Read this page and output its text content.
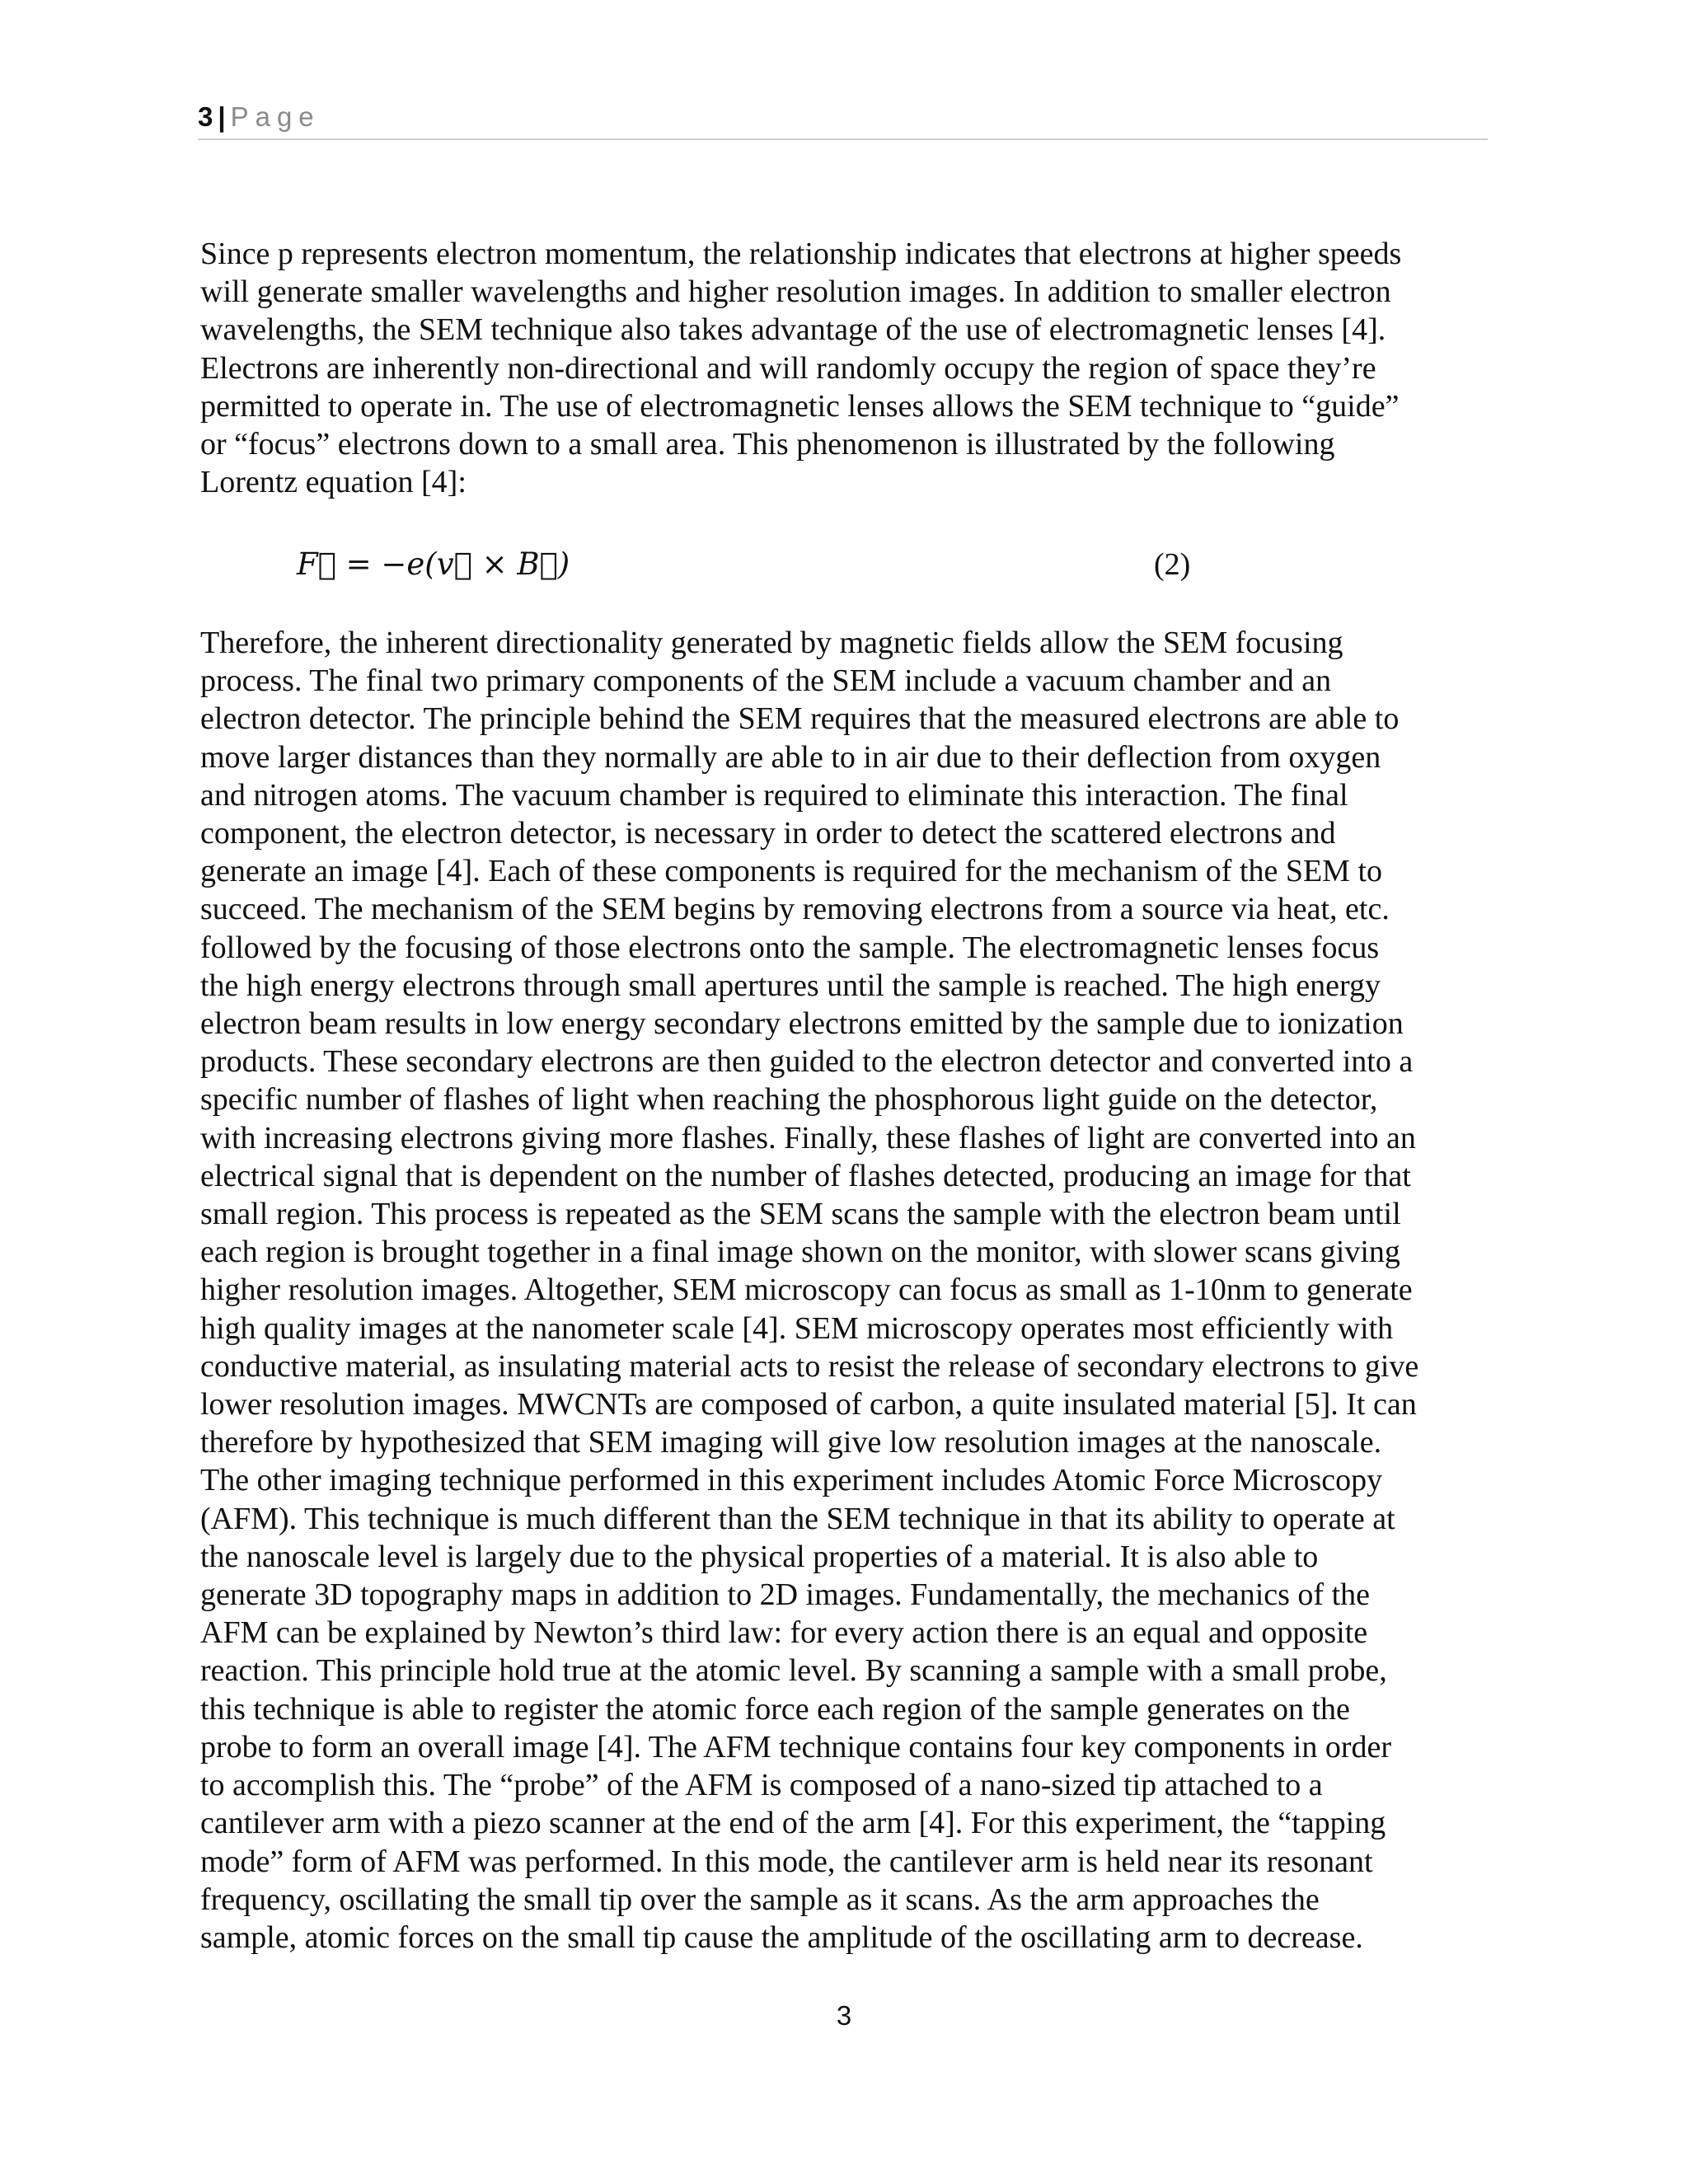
3 | Page
Since p represents electron momentum, the relationship indicates that electrons at higher speeds
will generate smaller wavelengths and higher resolution images. In addition to smaller electron
wavelengths, the SEM technique also takes advantage of the use of electromagnetic lenses [4].
Electrons are inherently non-directional and will randomly occupy the region of space they’re
permitted to operate in. The use of electromagnetic lenses allows the SEM technique to “guide”
or “focus” electrons down to a small area. This phenomenon is illustrated by the following
Lorentz equation [4]:
F⃗ = −e(v⃗ × B⃗)	(2)
Therefore, the inherent directionality generated by magnetic fields allow the SEM focusing
process. The final two primary components of the SEM include a vacuum chamber and an
electron detector. The principle behind the SEM requires that the measured electrons are able to
move larger distances than they normally are able to in air due to their deflection from oxygen
and nitrogen atoms. The vacuum chamber is required to eliminate this interaction. The final
component, the electron detector, is necessary in order to detect the scattered electrons and
generate an image [4]. Each of these components is required for the mechanism of the SEM to
succeed. The mechanism of the SEM begins by removing electrons from a source via heat, etc.
followed by the focusing of those electrons onto the sample. The electromagnetic lenses focus
the high energy electrons through small apertures until the sample is reached. The high energy
electron beam results in low energy secondary electrons emitted by the sample due to ionization
products. These secondary electrons are then guided to the electron detector and converted into a
specific number of flashes of light when reaching the phosphorous light guide on the detector,
with increasing electrons giving more flashes. Finally, these flashes of light are converted into an
electrical signal that is dependent on the number of flashes detected, producing an image for that
small region. This process is repeated as the SEM scans the sample with the electron beam until
each region is brought together in a final image shown on the monitor, with slower scans giving
higher resolution images. Altogether, SEM microscopy can focus as small as 1-10nm to generate
high quality images at the nanometer scale [4]. SEM microscopy operates most efficiently with
conductive material, as insulating material acts to resist the release of secondary electrons to give
lower resolution images. MWCNTs are composed of carbon, a quite insulated material [5]. It can
therefore by hypothesized that SEM imaging will give low resolution images at the nanoscale.
The other imaging technique performed in this experiment includes Atomic Force Microscopy
(AFM). This technique is much different than the SEM technique in that its ability to operate at
the nanoscale level is largely due to the physical properties of a material. It is also able to
generate 3D topography maps in addition to 2D images. Fundamentally, the mechanics of the
AFM can be explained by Newton’s third law: for every action there is an equal and opposite
reaction. This principle hold true at the atomic level. By scanning a sample with a small probe,
this technique is able to register the atomic force each region of the sample generates on the
probe to form an overall image [4]. The AFM technique contains four key components in order
to accomplish this. The “probe” of the AFM is composed of a nano-sized tip attached to a
cantilever arm with a piezo scanner at the end of the arm [4]. For this experiment, the “tapping
mode” form of AFM was performed. In this mode, the cantilever arm is held near its resonant
frequency, oscillating the small tip over the sample as it scans. As the arm approaches the
sample, atomic forces on the small tip cause the amplitude of the oscillating arm to decrease.
3
